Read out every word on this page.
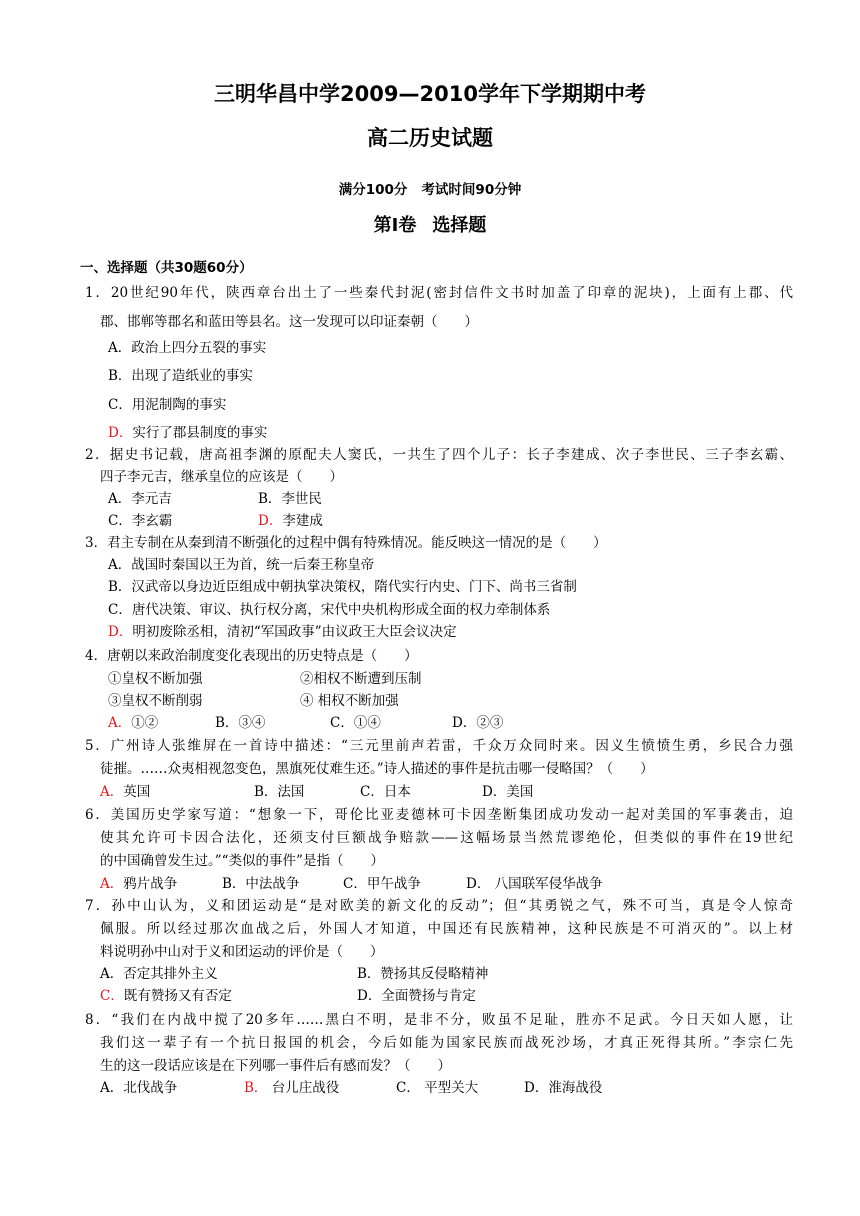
三明华昌中学2009—2010学年下学期期中考
高二历史试题
满分100分 考试时间90分钟
第Ⅰ卷 选择题
一、选择题（共30题60分）
1．20世纪90年代，陕西章台出土了一些秦代封泥(密封信件文书时加盖了印章的泥块)，上面有上郡、代
郡、邯郸等郡名和蓝田等县名。这一发现可以印证秦朝（　　）
A．政治上四分五裂的事实
B．出现了造纸业的事实
C．用泥制陶的事实
D．实行了郡县制度的事实
2．据史书记载，唐高祖李渊的原配夫人窦氏，一共生了四个儿子：长子李建成、次子李世民、三子李玄霸、
四子李元吉，继承皇位的应该是（　　）
A．李元吉	B．李世民
C．李玄霸	D．李建成
3．君主专制在从秦到清不断强化的过程中偶有特殊情况。能反映这一情况的是（　　）
A．战国时秦国以王为首，统一后秦王称皇帝
B．汉武帝以身边近臣组成中朝执掌决策权，隋代实行内史、门下、尚书三省制
C．唐代决策、审议、执行权分离，宋代中央机构形成全面的权力牵制体系
D．明初废除丞相，清初“军国政事”由议政王大臣会议决定
4．唐朝以来政治制度变化表现出的历史特点是（　　）
①皇权不断加强	②相权不断遭到压制
③皇权不断削弱	④ 相权不断加强
A．①②	B．③④	C．①④	D．②③
5．广州诗人张维屏在一首诗中描述：“三元里前声若雷，千众万众同时来。因义生愤愤生勇，乡民合力强
徒摧。……众夷相视忽变色，黑旗死仗难生还。”诗人描述的事件是抗击哪一侵略国？（　　）
A．英国	B．法国	C．日本	D．美国
6．美国历史学家写道：“想象一下，哥伦比亚麦德林可卡因垄断集团成功发动一起对美国的军事袭击，迫
使其允许可卡因合法化，还须支付巨额战争赔款——这幅场景当然荒谬绝伦，但类似的事件在19世纪
的中国确曾发生过。”“类似的事件”是指（　　）
A．鸦片战争	B．中法战争	C．甲午战争	D． 八国联军侵华战争
7．孙中山认为，义和团运动是“是对欧美的新文化的反动”；但“其勇锐之气，殊不可当，真是令人惊奇
佩服。所以经过那次血战之后，外国人才知道，中国还有民族精神，这种民族是不可消灭的”。以上材
料说明孙中山对于义和团运动的评价是（　　）
A．否定其排外主义	B．赞扬其反侵略精神
C．既有赞扬又有否定	D．全面赞扬与肯定
8．“我们在内战中搅了20多年……黑白不明，是非不分，败虽不足耻，胜亦不足武。今日天如人愿，让
我们这一辈子有一个抗日报国的机会，今后如能为国家民族而战死沙场，才真正死得其所。”李宗仁先
生的这一段话应该是在下列哪一事件后有感而发？（　　）
A．北伐战争	B． 台儿庄战役	C． 平型关大	D．淮海战役
